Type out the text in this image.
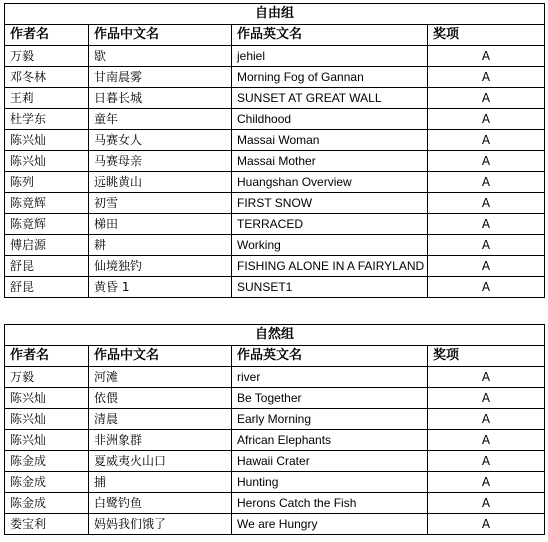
自由组			
作者名	作品中文名	作品英文名	奖项
万毅	歇	jehiel	A
邓冬林	甘南晨雾	Morning Fog of Gannan	A
王莉	日暮长城	SUNSET AT GREAT WALL	A
杜学东	童年	Childhood	A
陈兴灿	马赛女人	Massai Woman	A
陈兴灿	马赛母亲	Massai Mother	A
陈列	远眺黄山	Huangshan Overview	A
陈竟辉	初雪	FIRST SNOW	A
陈竟辉	梯田	TERRACED	A
傅启源	耕	Working	A
舒昆	仙境独钓	FISHING ALONE IN A FAIRYLAND	A
舒昆	黄昏 1	SUNSET1	A
自然组			
作者名	作品中文名	作品英文名	奖项
万毅	河滩	river	A
陈兴灿	依偎	Be Together	A
陈兴灿	清晨	Early Morning	A
陈兴灿	非洲象群	African Elephants	A
陈金成	夏威夷火山口	Hawaii Crater	A
陈金成	捕	Hunting	A
陈金成	白鹭钓鱼	Herons Catch the Fish	A
娄宝利	妈妈我们饿了	We are Hungry	A
